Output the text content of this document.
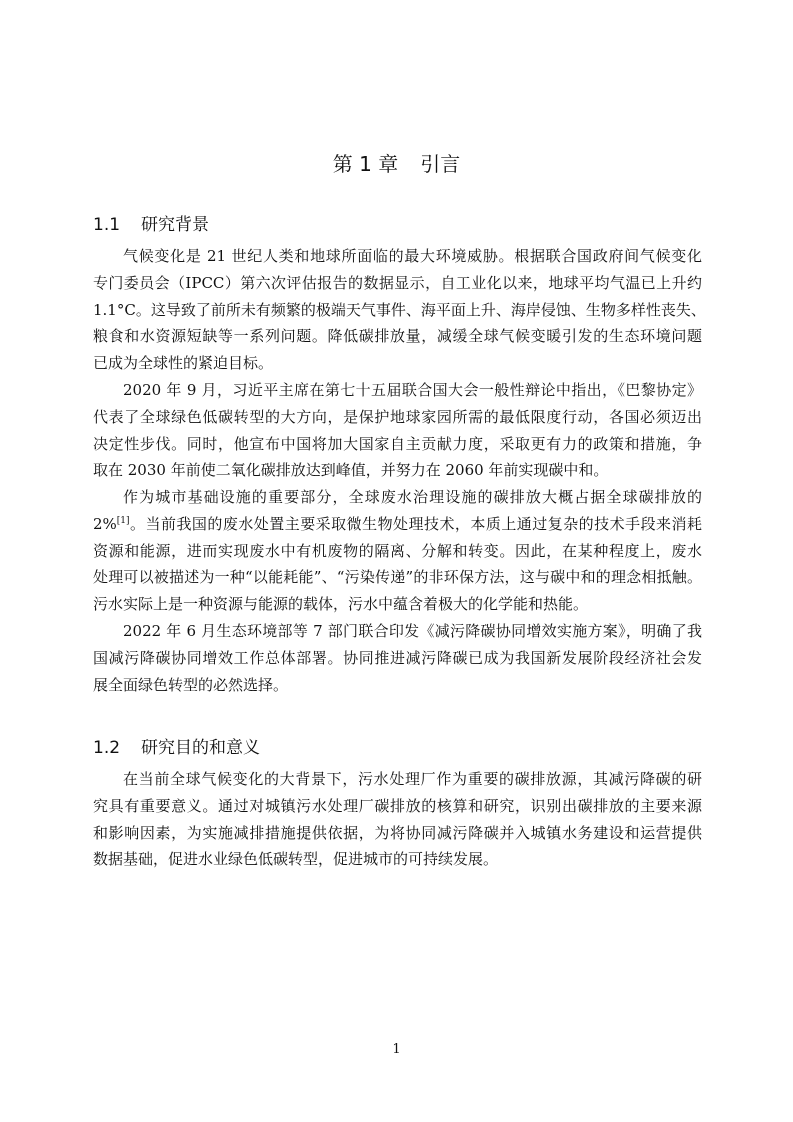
第 1 章 引言
1.1 研究背景
气候变化是 21 世纪人类和地球所面临的最大环境威胁。根据联合国政府间气候变化
专门委员会（IPCC）第六次评估报告的数据显示，自工业化以来，地球平均气温已上升约
1.1°C。这导致了前所未有频繁的极端天气事件、海平面上升、海岸侵蚀、生物多样性丧失、
粮食和水资源短缺等一系列问题。降低碳排放量，减缓全球气候变暖引发的生态环境问题
已成为全球性的紧迫目标。
2020 年 9 月，习近平主席在第七十五届联合国大会一般性辩论中指出，《巴黎协定》
代表了全球绿色低碳转型的大方向，是保护地球家园所需的最低限度行动，各国必须迈出
决定性步伐。同时，他宣布中国将加大国家自主贡献力度，采取更有力的政策和措施，争
取在 2030 年前使二氧化碳排放达到峰值，并努力在 2060 年前实现碳中和。
作为城市基础设施的重要部分，全球废水治理设施的碳排放大概占据全球碳排放的
2%[1]。当前我国的废水处置主要采取微生物处理技术，本质上通过复杂的技术手段来消耗
资源和能源，进而实现废水中有机废物的隔离、分解和转变。因此，在某种程度上，废水
处理可以被描述为一种“以能耗能”、“污染传递”的非环保方法，这与碳中和的理念相抵触。
污水实际上是一种资源与能源的载体，污水中蕴含着极大的化学能和热能。
2022 年 6 月生态环境部等 7 部门联合印发《减污降碳协同增效实施方案》，明确了我
国减污降碳协同增效工作总体部署。协同推进减污降碳已成为我国新发展阶段经济社会发
展全面绿色转型的必然选择。
1.2 研究目的和意义
在当前全球气候变化的大背景下，污水处理厂作为重要的碳排放源，其减污降碳的研
究具有重要意义。通过对城镇污水处理厂碳排放的核算和研究，识别出碳排放的主要来源
和影响因素，为实施减排措施提供依据，为将协同减污降碳并入城镇水务建设和运营提供
数据基础，促进水业绿色低碳转型，促进城市的可持续发展。
1
